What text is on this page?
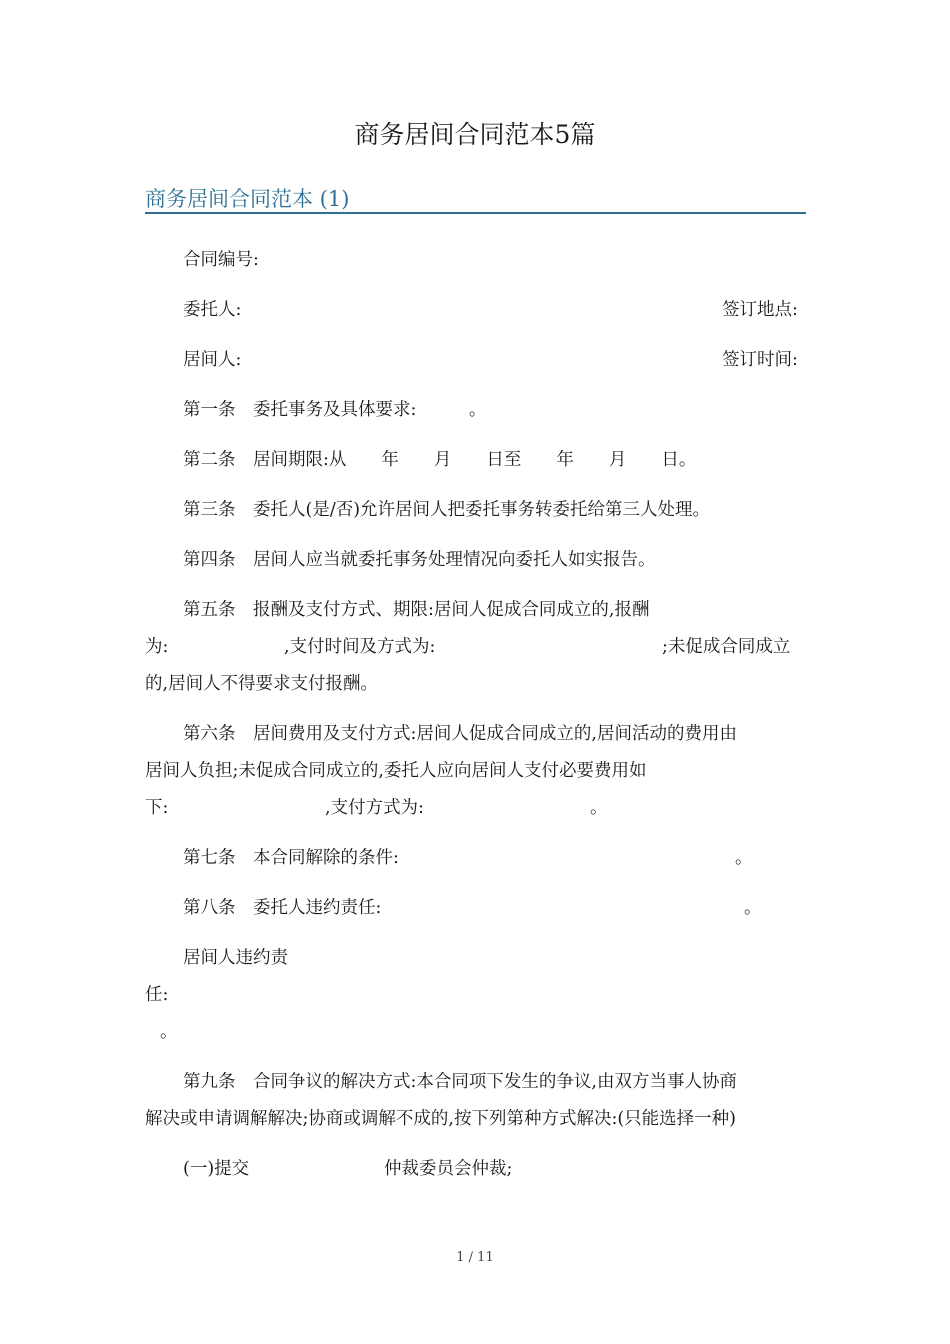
商务居间合同范本5篇
商务居间合同范本 (1)
合同编号:
委托人:	签订地点:
居间人:	签订时间:
第一条　委托事务及具体要求:　　　。
第二条　居间期限:从　　年　　月　　日至　　年　　月　　日。
第三条　委托人(是/否)允许居间人把委托事务转委托给第三人处理。
第四条　居间人应当就委托事务处理情况向委托人如实报告。
第五条　报酬及支付方式、期限:居间人促成合同成立的,报酬
为:	,支付时间及方式为:	;未促成合同成立
的,居间人不得要求支付报酬。
第六条　居间费用及支付方式:居间人促成合同成立的,居间活动的费用由
居间人负担;未促成合同成立的,委托人应向居间人支付必要费用如
下:	,支付方式为:	。
第七条　本合同解除的条件:	。
第八条　委托人违约责任:	。
居间人违约责
任:
。
第九条　合同争议的解决方式:本合同项下发生的争议,由双方当事人协商
解决或申请调解解决;协商或调解不成的,按下列第种方式解决:(只能选择一种)
(一)提交	仲裁委员会仲裁;
1 / 11
